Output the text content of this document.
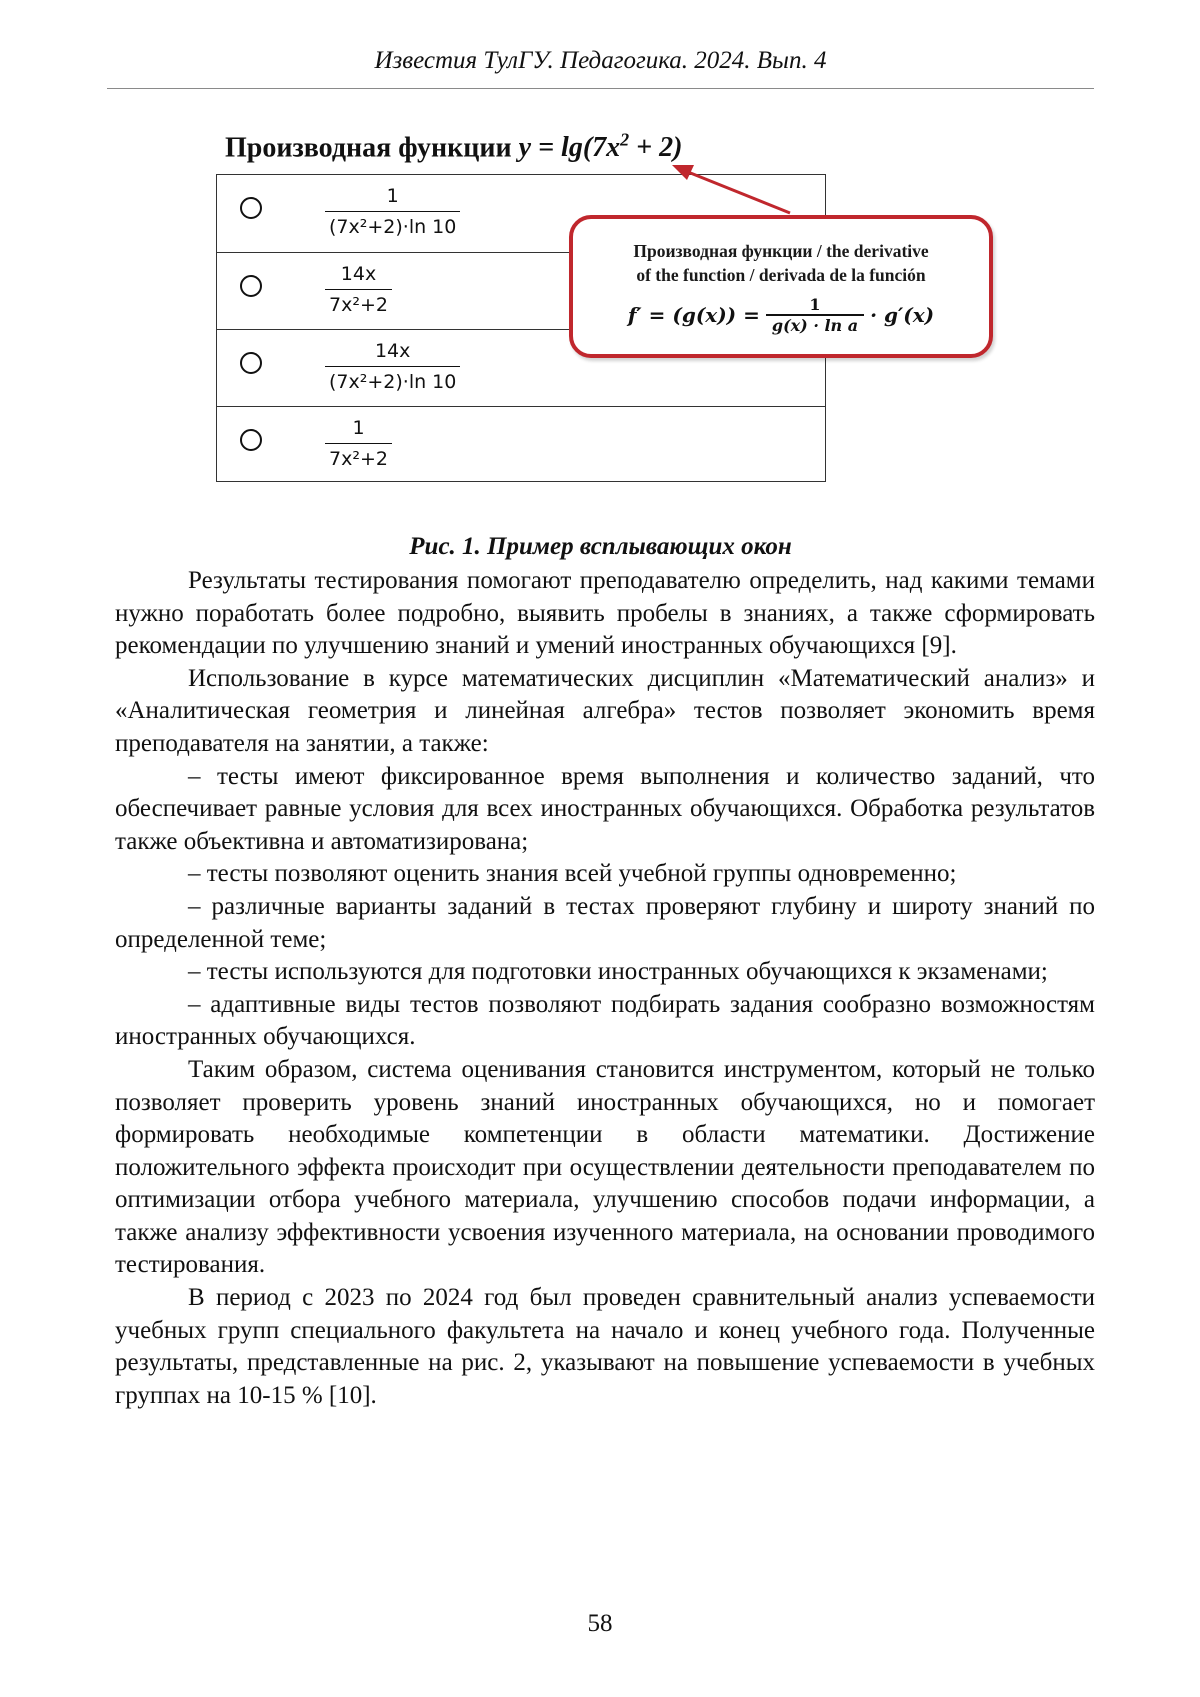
Известия ТулГУ. Педагогика. 2024. Вып. 4
Производная функции y = lg(7x2 + 2)
1
(7x²+2)·ln 10
14x
7x²+2
14x
(7x²+2)·ln 10
1
7x²+2
Производная функции / the derivative
of the function / derivada de la función
f′ = (g(x)) =	1
g(x) · ln a · g′(x)
Рис. 1. Пример всплывающих окон

Результаты тестирования помогают преподавателю определить, над какими темами нужно поработать более подробно, выявить пробелы в знаниях, а также сформировать рекомендации по улучшению знаний и умений иностранных обучающихся [9].

Использование в курсе математических дисциплин «Математический анализ» и «Аналитическая геометрия и линейная алгебра» тестов позволяет экономить время преподавателя на занятии, а также:

– тесты имеют фиксированное время выполнения и количество заданий, что обеспечивает равные условия для всех иностранных обучающихся. Обработка результатов также объективна и автоматизирована;

– тесты позволяют оценить знания всей учебной группы одновременно;

– различные варианты заданий в тестах проверяют глубину и широту знаний по определенной теме;

– тесты используются для подготовки иностранных обучающихся к экзаменами;

– адаптивные виды тестов позволяют подбирать задания сообразно возможностям иностранных обучающихся.

Таким образом, система оценивания становится инструментом, который не только позволяет проверить уровень знаний иностранных обучающихся, но и помогает формировать необходимые компетенции в области математики. Достижение положительного эффекта происходит при осуществлении деятельности преподавателем по оптимизации отбора учебного материала, улучшению способов подачи информации, а также анализу эффективности усвоения изученного материала, на основании проводимого тестирования.

В период с 2023 по 2024 год был проведен сравнительный анализ успеваемости учебных групп специального факультета на начало и конец учебного года. Полученные результаты, представленные на рис. 2, указывают на повышение успеваемости в учебных группах на 10-15 % [10].

58
